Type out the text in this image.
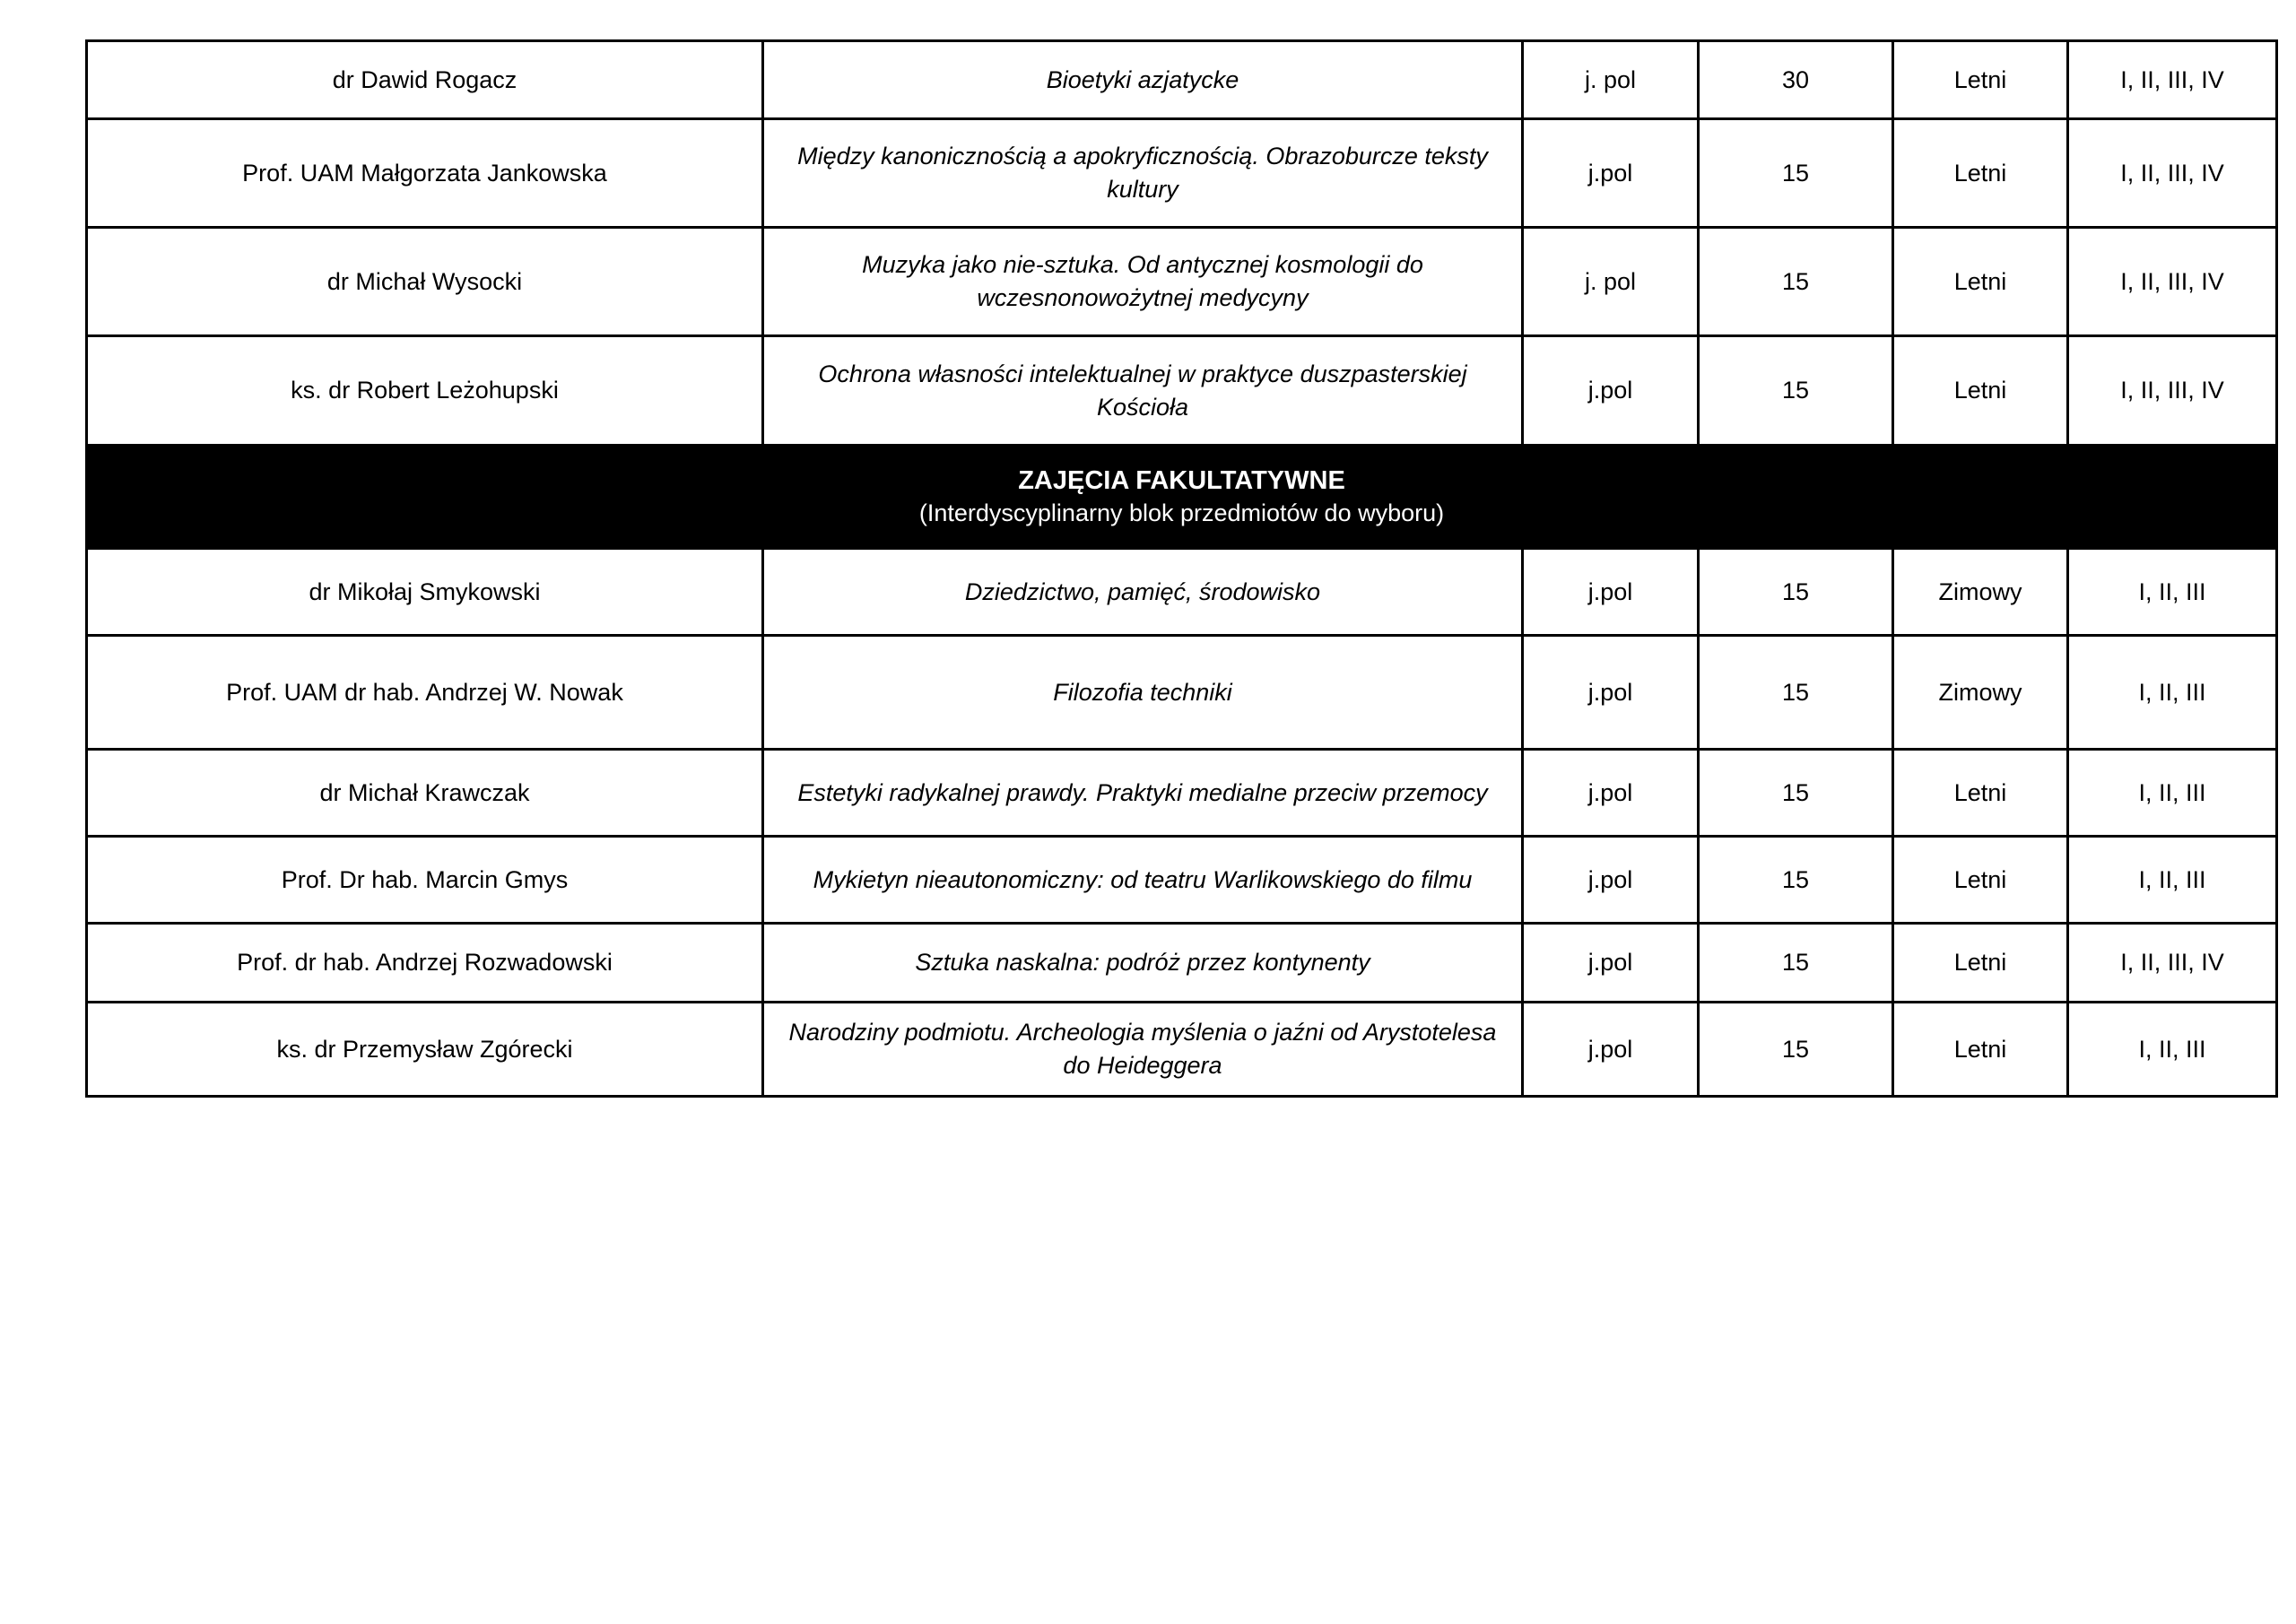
dr Dawid Rogacz	Bioetyki azjatycke	j. pol	30	Letni	I, II, III, IV
Prof. UAM Małgorzata Jankowska	Między kanonicznością a apokryficznością. Obrazoburcze teksty kultury	j.pol	15	Letni	I, II, III, IV
dr Michał Wysocki	Muzyka jako nie-sztuka. Od antycznej kosmologii do wczesnonowożytnej medycyny	j. pol	15	Letni	I, II, III, IV
ks. dr Robert Leżohupski	Ochrona własności intelektualnej w praktyce duszpasterskiej Kościoła	j.pol	15	Letni	I, II, III, IV

ZAJĘCIA FAKULTATYWNE
(Interdyscyplinarny blok przedmiotów do wyboru)					

dr Mikołaj Smykowski	Dziedzictwo, pamięć, środowisko	j.pol	15	Zimowy	I, II, III
Prof. UAM dr hab. Andrzej W. Nowak	Filozofia techniki	j.pol	15	Zimowy	I, II, III
dr Michał Krawczak	Estetyki radykalnej prawdy. Praktyki medialne przeciw przemocy	j.pol	15	Letni	I, II, III
Prof. Dr hab. Marcin Gmys	Mykietyn nieautonomiczny: od teatru Warlikowskiego do filmu	j.pol	15	Letni	I, II, III
Prof. dr hab. Andrzej Rozwadowski	Sztuka naskalna: podróż przez kontynenty	j.pol	15	Letni	I, II, III, IV
ks. dr Przemysław Zgórecki	Narodziny podmiotu. Archeologia myślenia o jaźni od Arystotelesa do Heideggera	j.pol	15	Letni	I, II, III
